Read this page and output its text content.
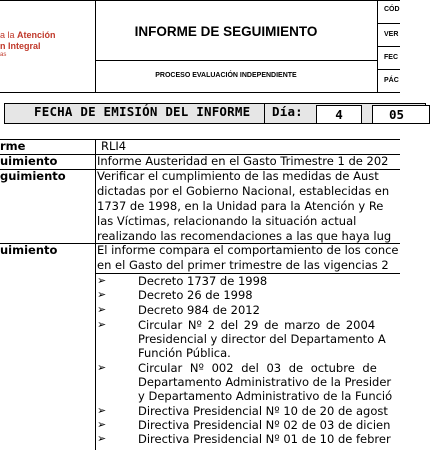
a la Atención
n Integral
as
INFORME DE SEGUIMIENTO
PROCESO EVALUACIÓN INDEPENDIENTE
CÓD
VER
FEC
PÁC
FECHA DE EMISIÓN DEL INFORME Día:	4	05
rme	RLI4
uimiento	Informe Austeridad en el Gasto Trimestre 1 de 202
guimiento	Verificar el cumplimiento de las medidas de Aust
dictadas por el Gobierno Nacional, establecidas en
1737 de 1998, en la Unidad para la Atención y Re
las Víctimas, relacionando la situación actual
realizando las recomendaciones a las que haya lug
uimiento	El informe compara el comportamiento de los conce
en el Gasto del primer trimestre de las vigencias 2
➢	Decreto 1737 de 1998
➢	Decreto 26 de 1998
➢	Decreto 984 de 2012
➢	Circular Nº 2 del 29 de marzo de 2004
Presidencial y director del Departamento A
Función Pública.
➢	Circular Nº 002 del 03 de octubre de
Departamento Administrativo de la Presider
y Departamento Administrativo de la Funció
➢	Directiva Presidencial Nº 10 de 20 de agost
➢	Directiva Presidencial Nº 02 de 03 de dicien
➢	Directiva Presidencial Nº 01 de 10 de febrer
